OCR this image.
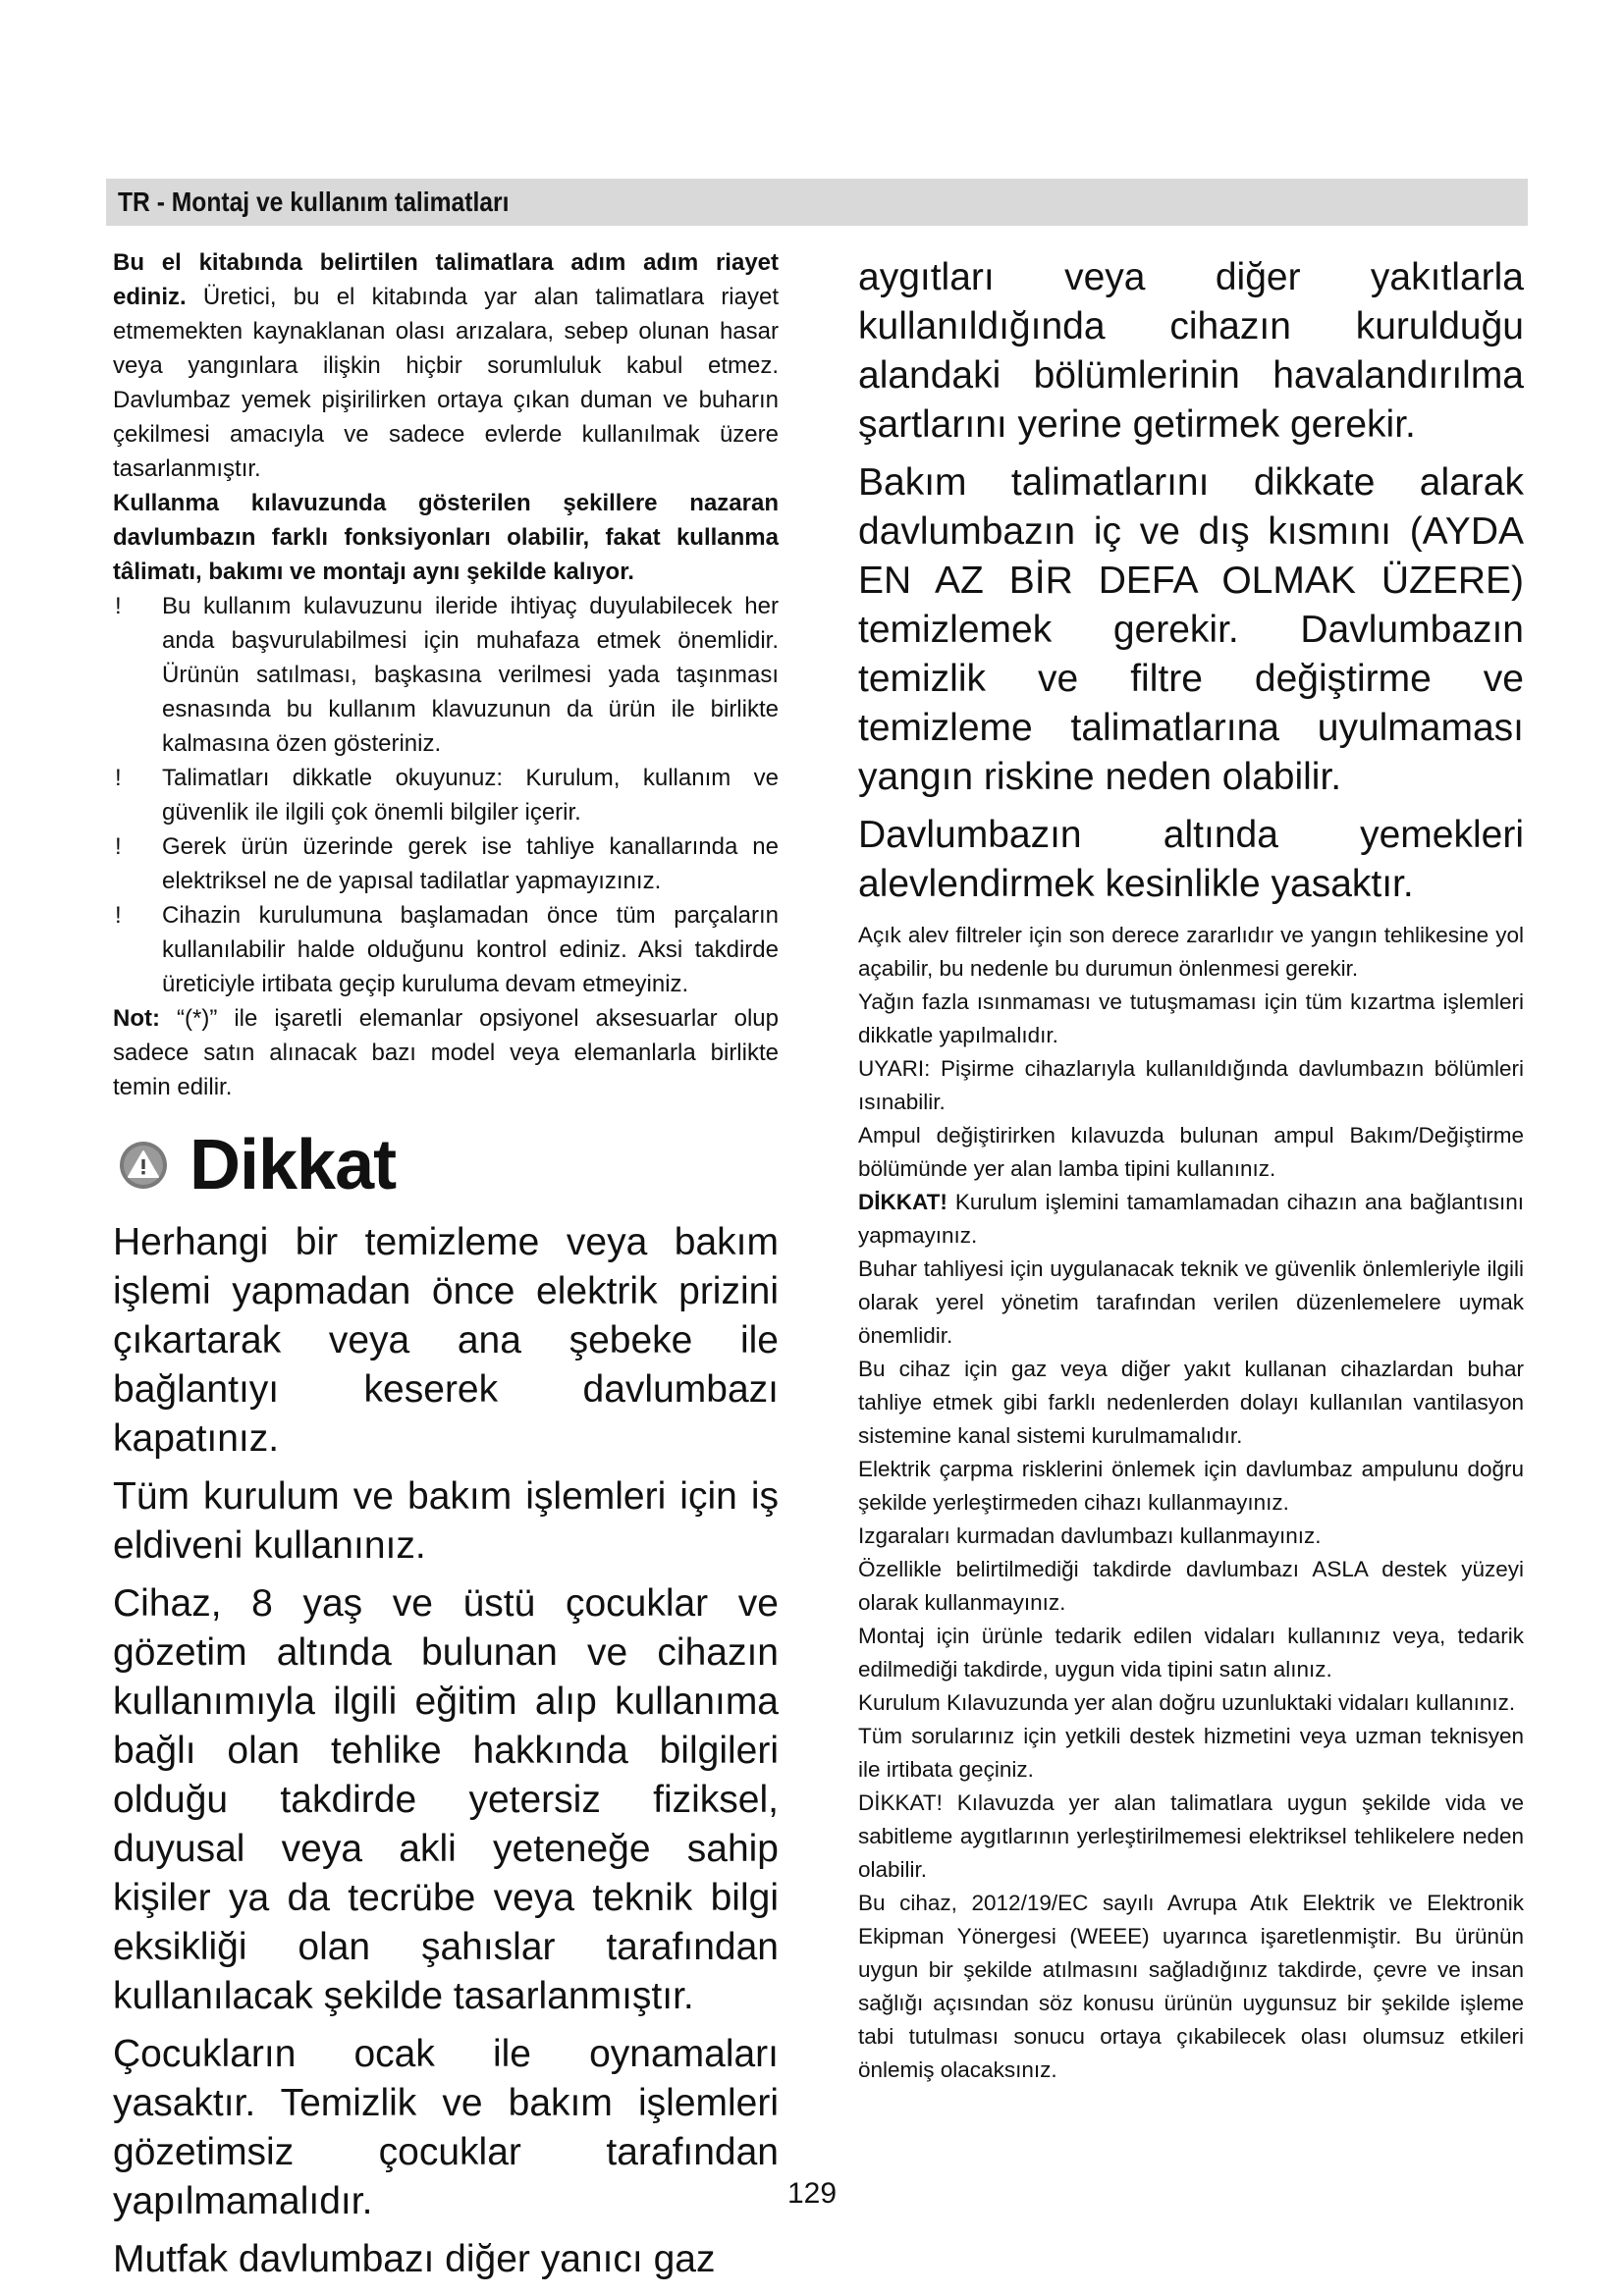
TR - Montaj ve kullanım talimatları

Bu el kitabında belirtilen talimatlara adım adım riayet ediniz. Üretici, bu el kitabında yar alan talimatlara riayet etmemekten kaynaklanan olası arızalara, sebep olunan hasar veya yangınlara ilişkin hiçbir sorumluluk kabul etmez. Davlumbaz yemek pişirilirken ortaya çıkan duman ve buharın çekilmesi amacıyla ve sadece evlerde kullanılmak üzere tasarlanmıştır.

Kullanma kılavuzunda gösterilen şekillere nazaran davlumbazın farklı fonksiyonları olabilir, fakat kullanma tâlimatı, bakımı ve montajı aynı şekilde kalıyor.

!	Bu kullanım kulavuzunu ileride ihtiyaç duyulabilecek her anda başvurulabilmesi için muhafaza etmek önemlidir. Ürünün satılması, başkasına verilmesi yada taşınması esnasında bu kullanım klavuzunun da ürün ile birlikte kalmasına özen gösteriniz.
!	Talimatları dikkatle okuyunuz: Kurulum, kullanım ve güvenlik ile ilgili çok önemli bilgiler içerir.
!	Gerek ürün üzerinde gerek ise tahliye kanallarında ne elektriksel ne de yapısal tadilatlar yapmayızınız.
!	Cihazin kurulumuna başlamadan önce tüm parçaların kullanılabilir halde olduğunu kontrol ediniz. Aksi takdirde üreticiyle irtibata geçip kuruluma devam etmeyiniz.

Not: “(*)” ile işaretli elemanlar opsiyonel aksesuarlar olup sadece satın alınacak bazı model veya elemanlarla birlikte temin edilir.

Dikkat

Herhangi bir temizleme veya bakım işlemi yapmadan önce elektrik prizini çıkartarak veya ana şebeke ile bağlantıyı keserek davlumbazı kapatınız.

Tüm kurulum ve bakım işlemleri için iş eldiveni kullanınız.

Cihaz, 8 yaş ve üstü çocuklar ve gözetim altında bulunan ve cihazın kullanımıyla ilgili eğitim alıp kullanıma bağlı olan tehlike hakkında bilgileri olduğu takdirde yetersiz fiziksel, duyusal veya akli yeteneğe sahip kişiler ya da tecrübe veya teknik bilgi eksikliği olan şahıslar tarafından kullanılacak şekilde tasarlanmıştır.

Çocukların ocak ile oynamaları yasaktır. Temizlik ve bakım işlemleri gözetimsiz çocuklar tarafından yapılmamalıdır.

Mutfak davlumbazı diğer yanıcı gaz

aygıtları veya diğer yakıtlarla kullanıldığında cihazın kurulduğu alandaki bölümlerinin havalandırılma şartlarını yerine getirmek gerekir.

Bakım talimatlarını dikkate alarak davlumbazın iç ve dış kısmını (AYDA EN AZ BİR DEFA OLMAK ÜZERE) temizlemek gerekir. Davlumbazın temizlik ve filtre değiştirme ve temizleme talimatlarına uyulmaması yangın riskine neden olabilir.

Davlumbazın altında yemekleri alevlendirmek kesinlikle yasaktır.

Açık alev filtreler için son derece zararlıdır ve yangın tehlikesine yol açabilir, bu nedenle bu durumun önlenmesi gerekir.

Yağın fazla ısınmaması ve tutuşmaması için tüm kızartma işlemleri dikkatle yapılmalıdır.

UYARI: Pişirme cihazlarıyla kullanıldığında davlumbazın bölümleri ısınabilir.

Ampul değiştirirken kılavuzda bulunan ampul Bakım/Değiştirme bölümünde yer alan lamba tipini kullanınız.

DİKKAT! Kurulum işlemini tamamlamadan cihazın ana bağlantısını yapmayınız.

Buhar tahliyesi için uygulanacak teknik ve güvenlik önlemleriyle ilgili olarak yerel yönetim tarafından verilen düzenlemelere uymak önemlidir.

Bu cihaz için gaz veya diğer yakıt kullanan cihazlardan buhar tahliye etmek gibi farklı nedenlerden dolayı kullanılan vantilasyon sistemine kanal sistemi kurulmamalıdır.

Elektrik çarpma risklerini önlemek için davlumbaz ampulunu doğru şekilde yerleştirmeden cihazı kullanmayınız.

Izgaraları kurmadan davlumbazı kullanmayınız.

Özellikle belirtilmediği takdirde davlumbazı ASLA destek yüzeyi olarak kullanmayınız.

Montaj için ürünle tedarik edilen vidaları kullanınız veya, tedarik edilmediği takdirde, uygun vida tipini satın alınız.

Kurulum Kılavuzunda yer alan doğru uzunluktaki vidaları kullanınız.

Tüm sorularınız için yetkili destek hizmetini veya uzman teknisyen ile irtibata geçiniz.

DİKKAT! Kılavuzda yer alan talimatlara uygun şekilde vida ve sabitleme aygıtlarının yerleştirilmemesi elektriksel tehlikelere neden olabilir.

Bu cihaz, 2012/19/EC sayılı Avrupa Atık Elektrik ve Elektronik Ekipman Yönergesi (WEEE) uyarınca işaretlenmiştir. Bu ürünün uygun bir şekilde atılmasını sağladığınız takdirde, çevre ve insan sağlığı açısından söz konusu ürünün uygunsuz bir şekilde işleme tabi tutulması sonucu ortaya çıkabilecek olası olumsuz etkileri önlemiş olacaksınız.

129
